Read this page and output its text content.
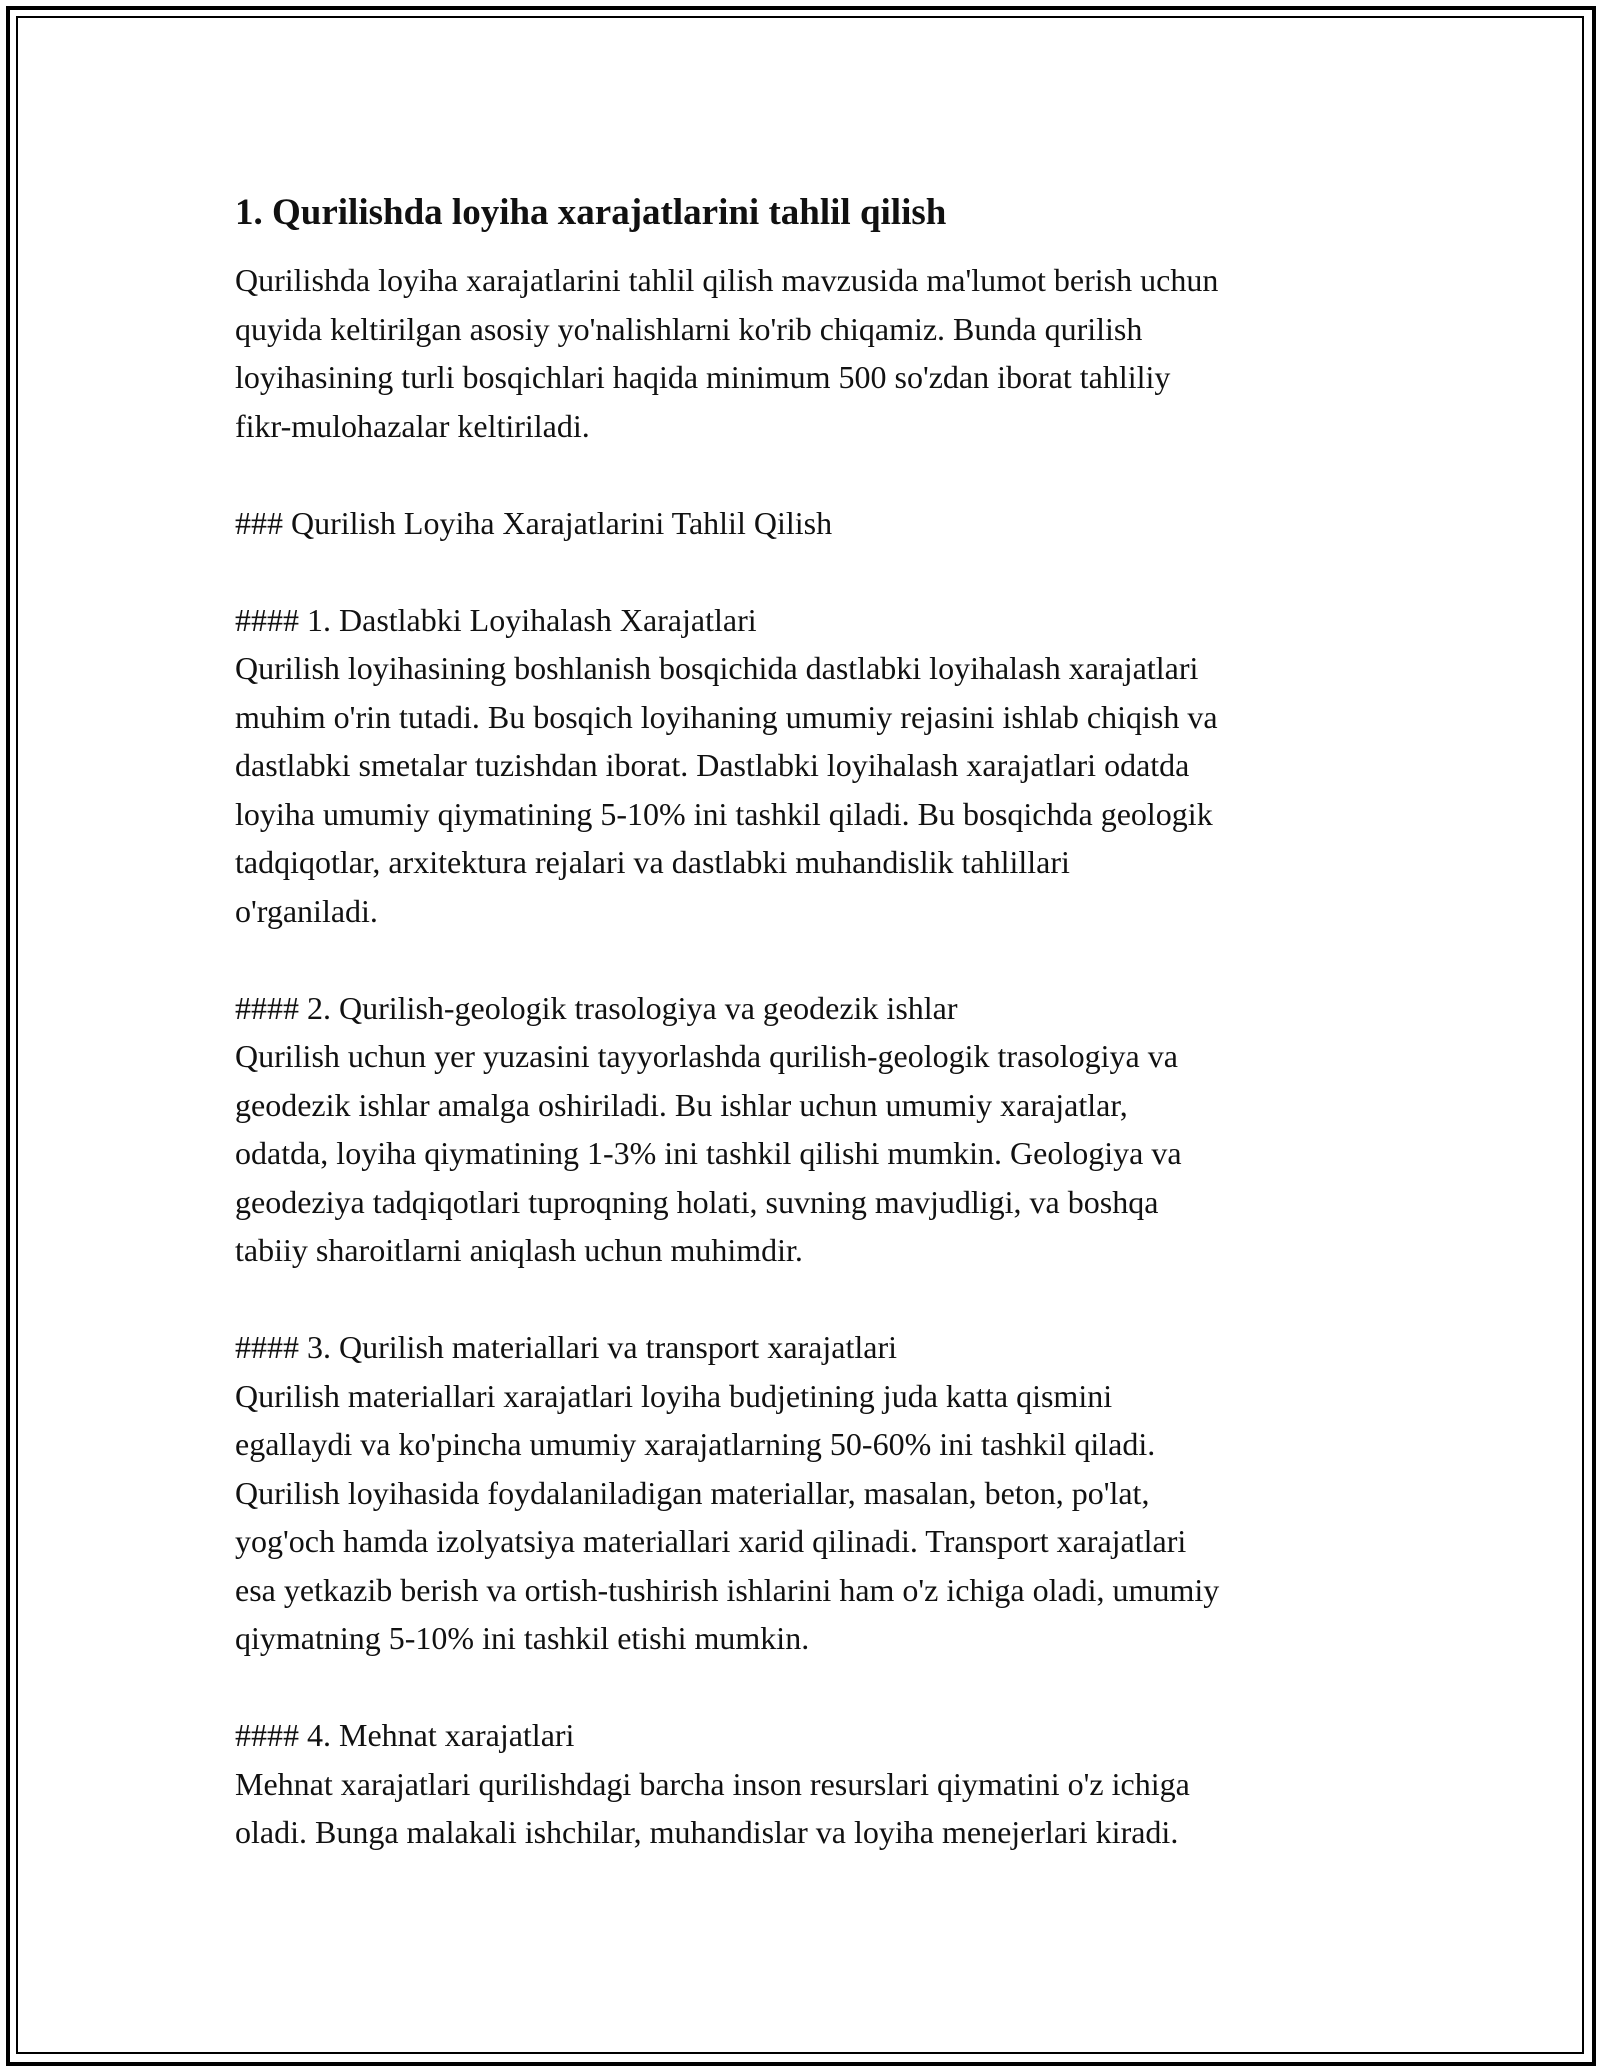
1. Qurilishda loyiha xarajatlarini tahlil qilish

Qurilishda loyiha xarajatlarini tahlil qilish mavzusida ma'lumot berish uchun
quyida keltirilgan asosiy yo'nalishlarni ko'rib chiqamiz. Bunda qurilish
loyihasining turli bosqichlari haqida minimum 500 so'zdan iborat tahliliy
fikr-mulohazalar keltiriladi.

### Qurilish Loyiha Xarajatlarini Tahlil Qilish

#### 1. Dastlabki Loyihalash Xarajatlari
Qurilish loyihasining boshlanish bosqichida dastlabki loyihalash xarajatlari
muhim o'rin tutadi. Bu bosqich loyihaning umumiy rejasini ishlab chiqish va
dastlabki smetalar tuzishdan iborat. Dastlabki loyihalash xarajatlari odatda
loyiha umumiy qiymatining 5-10% ini tashkil qiladi. Bu bosqichda geologik
tadqiqotlar, arxitektura rejalari va dastlabki muhandislik tahlillari
o'rganiladi.

#### 2. Qurilish-geologik trasologiya va geodezik ishlar
Qurilish uchun yer yuzasini tayyorlashda qurilish-geologik trasologiya va
geodezik ishlar amalga oshiriladi. Bu ishlar uchun umumiy xarajatlar,
odatda, loyiha qiymatining 1-3% ini tashkil qilishi mumkin. Geologiya va
geodeziya tadqiqotlari tuproqning holati, suvning mavjudligi, va boshqa
tabiiy sharoitlarni aniqlash uchun muhimdir.

#### 3. Qurilish materiallari va transport xarajatlari
Qurilish materiallari xarajatlari loyiha budjetining juda katta qismini
egallaydi va ko'pincha umumiy xarajatlarning 50-60% ini tashkil qiladi.
Qurilish loyihasida foydalaniladigan materiallar, masalan, beton, po'lat,
yog'och hamda izolyatsiya materiallari xarid qilinadi. Transport xarajatlari
esa yetkazib berish va ortish-tushirish ishlarini ham o'z ichiga oladi, umumiy
qiymatning 5-10% ini tashkil etishi mumkin.

#### 4. Mehnat xarajatlari
Mehnat xarajatlari qurilishdagi barcha inson resurslari qiymatini o'z ichiga
oladi. Bunga malakali ishchilar, muhandislar va loyiha menejerlari kiradi.
